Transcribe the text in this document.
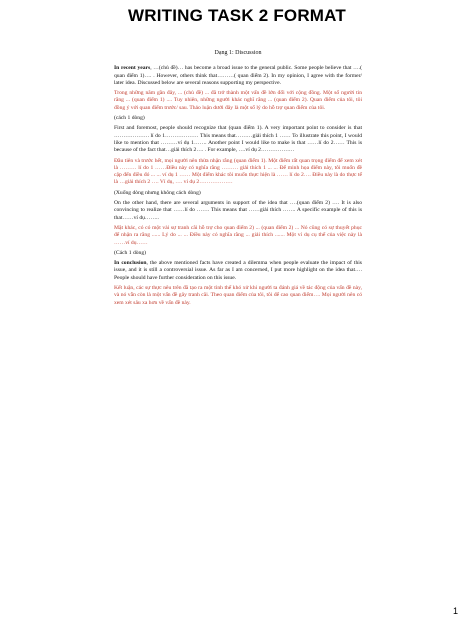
WRITING TASK 2 FORMAT

Dạng 1: Discussion

In recent years, …(chủ đề)… has become a broad issue to the general public. Some people believe that ….( quan điểm 1)…. . However, others think that………( quan điểm 2). In my opinion, I agree with the former/ later idea. Discussed below are several reasons supporting my perspective.

Trong những năm gần đây, ... (chủ đề) ... đã trở thành một vấn đề lớn đối với cộng đồng. Một số người tin rằng ... (quan điểm 1) .... Tuy nhiên, những người khác nghĩ rằng ... (quan điểm 2). Quan điểm của tôi, tôi đồng ý với quan điểm trước/ sau. Thảo luận dưới đây là một số lý do hỗ trợ quan điểm của tôi.

(cách 1 dòng)

First and foremost, people should recognize that (quan điểm 1). A very important point to consider is that ………………. lí do 1……………… This means that………giải thích 1 …… To illustrate this point, I would like to mention that ………ví dụ 1……. Another point I would like to make is that ……lí do 2…… This is because of the fact that…giải thích 2…. . For example, ….ví dụ 2………………

Đầu tiên và trước hết, mọi người nên thừa nhận rằng (quan điểm 1). Một điểm rất quan trọng điểm để xem xét là ……… lí do 1 ……Điều này có nghĩa rằng ……… giải thích 1 ... ... Để minh họa điểm này, tôi muốn đề cập đến điều đó ... ... ví dụ 1 …… Một điểm khác tôi muốn thực hiện là …… lí do 2…. Điều này là do thực tế là …giải thích 2 …. Ví dụ, …. ví dụ 2………………

(Xuống dòng nhưng không cách dòng)

On the other hand, there are several arguments in support of the idea that ….(quan điểm 2) …. It is also convincing to realize that ……lí do ……. This means that ……giải thích ……. A specific example of this is that……ví dụ……..

Mặt khác, có có một vài sự tranh cãi hỗ trợ cho quan điểm 2) ... (quan điểm 2) ... Nó cũng có sự thuyết phục để nhận ra rằng ...... Lý do ... ... Điều này có nghĩa rằng ... giải thích ....... Một ví dụ cụ thể của việc này là ……ví dụ……

(Cách 1 dòng)

In conclusion, the above mentioned facts have created a dilemma when people evaluate the impact of this issue, and it is still a controversial issue. As far as I am concerned, I put more highlight on the idea that…. People should have further consideration on this issue.

Kết luận, các sự thực nêu trên đã tạo ra một tình thế khó xử khi người ta đánh giá về tác động của vấn đề này, và nó vẫn còn là một vấn đề gây tranh cãi. Theo quan điểm của tôi, tôi để cao quan điểm…. Mọi người nên có xem xét sâu xa hơn về vấn đề này.

1
